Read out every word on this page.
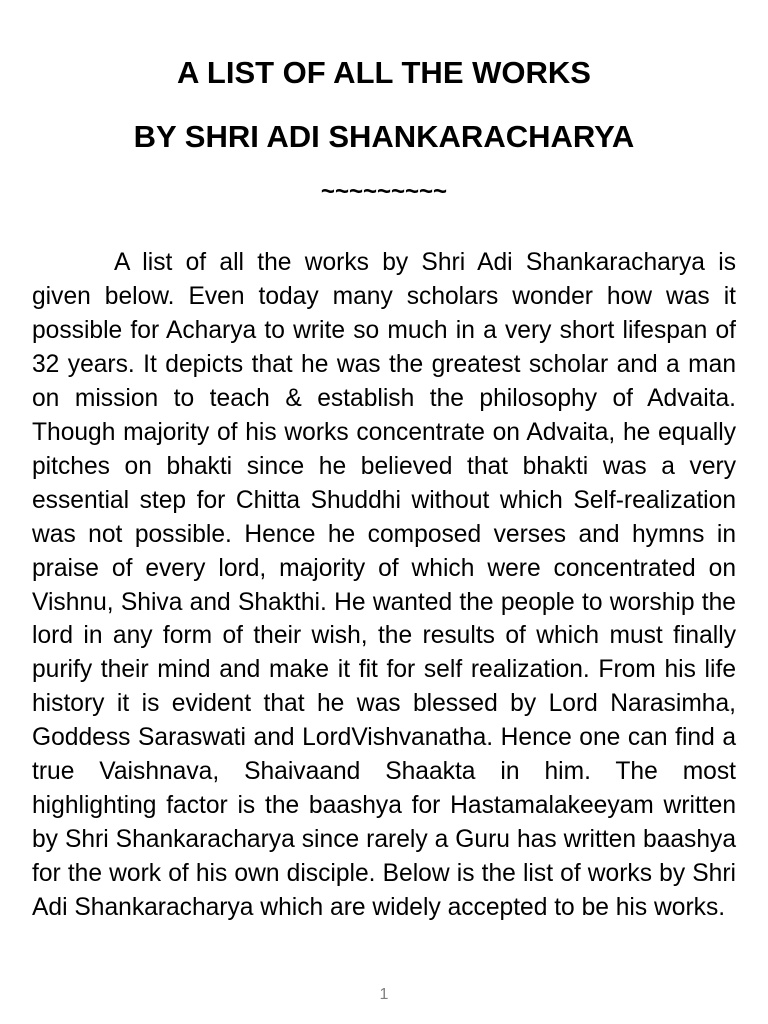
A LIST OF ALL THE WORKS
BY SHRI ADI SHANKARACHARYA
~~~~~~~~~

A list of all the works by Shri Adi Shankaracharya is given below. Even today many scholars wonder how was it possible for Acharya to write so much in a very short lifespan of 32 years. It depicts that he was the greatest scholar and a man on mission to teach & establish the philosophy of Advaita. Though majority of his works concentrate on Advaita, he equally pitches on bhakti since he believed that bhakti was a very essential step for Chitta Shuddhi without which Self-realization was not possible. Hence he composed verses and hymns in praise of every lord, majority of which were concentrated on Vishnu, Shiva and Shakthi. He wanted the people to worship the lord in any form of their wish, the results of which must finally purify their mind and make it fit for self realization. From his life history it is evident that he was blessed by Lord Narasimha, Goddess Saraswati and LordVishvanatha. Hence one can find a true Vaishnava, Shaivaand Shaakta in him. The most highlighting factor is the baashya for Hastamalakeeyam written by Shri Shankaracharya since rarely a Guru has written baashya for the work of his own disciple. Below is the list of works by Shri Adi Shankaracharya which are widely accepted to be his works.

1
